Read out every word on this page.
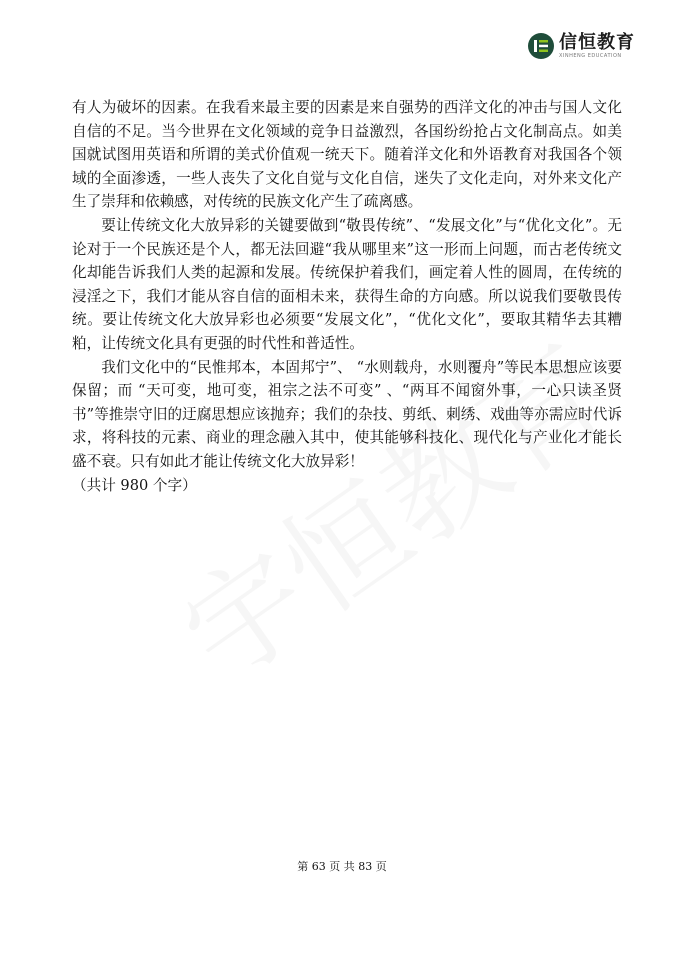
信恒教育
XINHENG EDUCATION

有人为破坏的因素。在我看来最主要的因素是来自强势的西洋文化的冲击与国人文化自信的不足。当今世界在文化领域的竞争日益激烈，各国纷纷抢占文化制高点。如美国就试图用英语和所谓的美式价值观一统天下。随着洋文化和外语教育对我国各个领域的全面渗透，一些人丧失了文化自觉与文化自信，迷失了文化走向，对外来文化产生了崇拜和依赖感，对传统的民族文化产生了疏离感。

要让传统文化大放异彩的关键要做到“敬畏传统”、“发展文化”与“优化文化”。无论对于一个民族还是个人，都无法回避“我从哪里来”这一形而上问题，而古老传统文化却能告诉我们人类的起源和发展。传统保护着我们，画定着人性的圆周，在传统的浸淫之下，我们才能从容自信的面相未来，获得生命的方向感。所以说我们要敬畏传统。要让传统文化大放异彩也必须要“发展文化”，“优化文化”，要取其精华去其糟粕，让传统文化具有更强的时代性和普适性。

我们文化中的“民惟邦本，本固邦宁”、 “水则载舟，水则覆舟”等民本思想应该要保留；而 “天可变，地可变，祖宗之法不可变” 、“两耳不闻窗外事，一心只读圣贤书”等推崇守旧的迂腐思想应该抛弃；我们的杂技、剪纸、刺绣、戏曲等亦需应时代诉求，将科技的元素、商业的理念融入其中，使其能够科技化、现代化与产业化才能长盛不衰。只有如此才能让传统文化大放异彩！

（共计 980 个字）

第 63 页 共 83 页
